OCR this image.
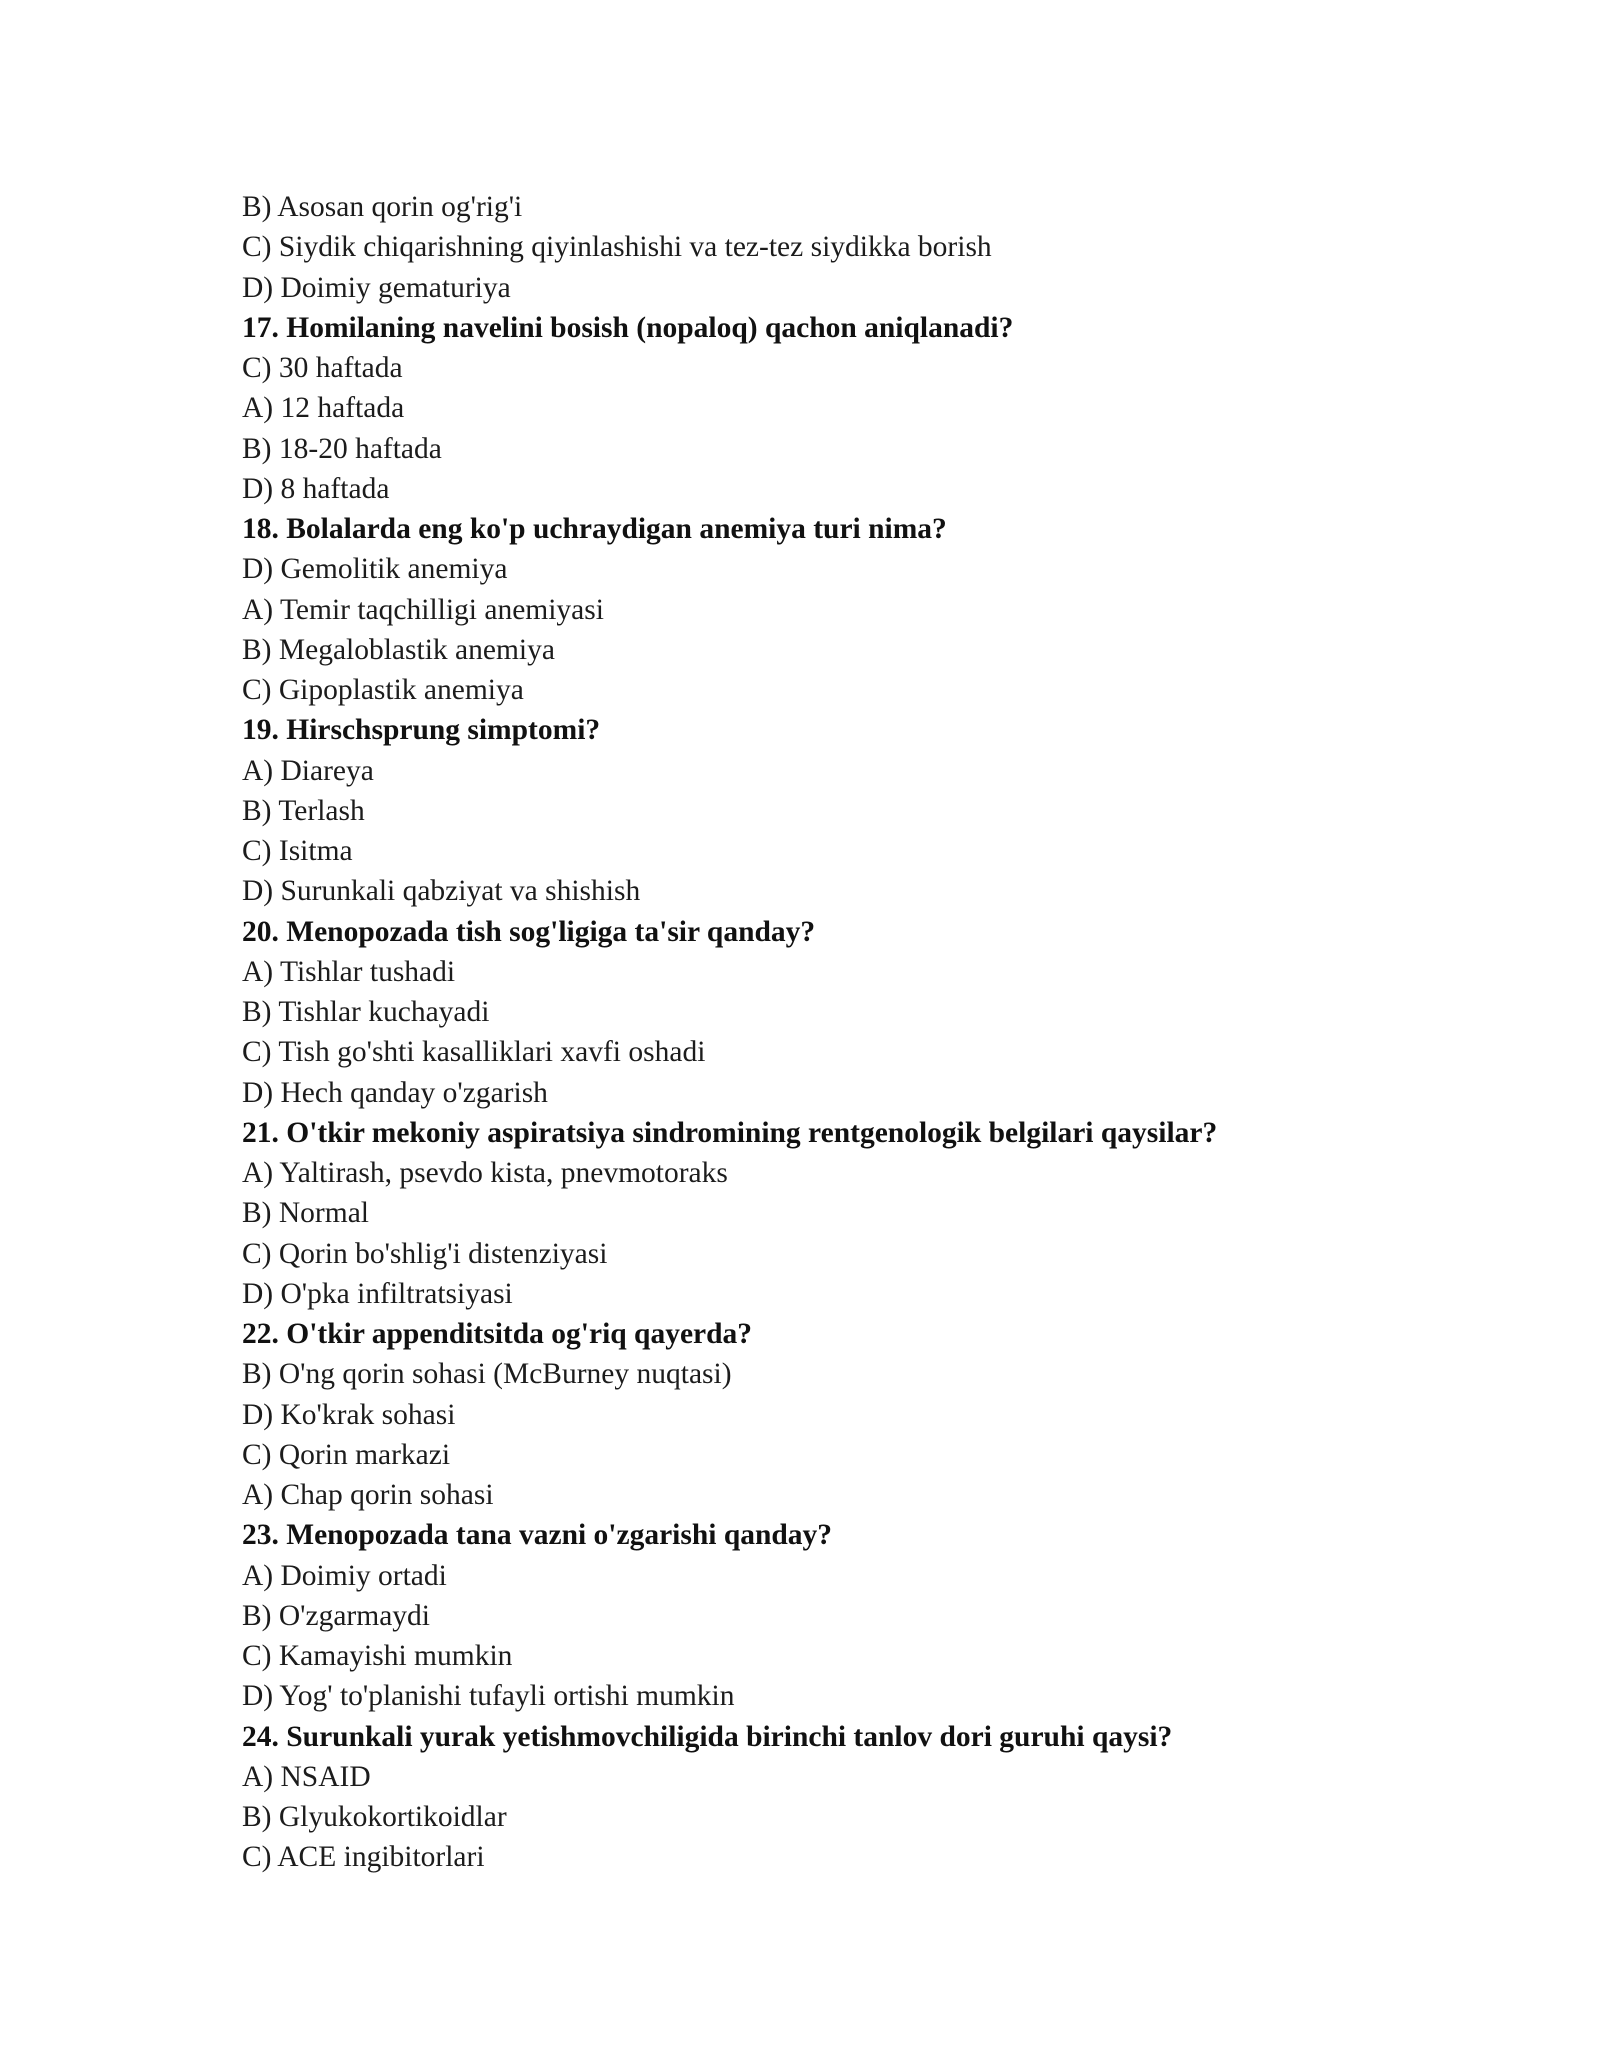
B) Asosan qorin og'rig'i
C) Siydik chiqarishning qiyinlashishi va tez-tez siydikka borish
D) Doimiy gematuriya
17. Homilaning navelini bosish (nopaloq) qachon aniqlanadi?
C) 30 haftada
A) 12 haftada
B) 18-20 haftada
D) 8 haftada
18. Bolalarda eng ko'p uchraydigan anemiya turi nima?
D) Gemolitik anemiya
A) Temir taqchilligi anemiyasi
B) Megaloblastik anemiya
C) Gipoplastik anemiya
19. Hirschsprung simptomi?
A) Diareya
B) Terlash
C) Isitma
D) Surunkali qabziyat va shishish
20. Menopozada tish sog'ligiga ta'sir qanday?
A) Tishlar tushadi
B) Tishlar kuchayadi
C) Tish go'shti kasalliklari xavfi oshadi
D) Hech qanday o'zgarish
21. O'tkir mekoniy aspiratsiya sindromining rentgenologik belgilari qaysilar?
A) Yaltirash, psevdo kista, pnevmotoraks
B) Normal
C) Qorin bo'shlig'i distenziyasi
D) O'pka infiltratsiyasi
22. O'tkir appenditsitda og'riq qayerda?
B) O'ng qorin sohasi (McBurney nuqtasi)
D) Ko'krak sohasi
C) Qorin markazi
A) Chap qorin sohasi
23. Menopozada tana vazni o'zgarishi qanday?
A) Doimiy ortadi
B) O'zgarmaydi
C) Kamayishi mumkin
D) Yog' to'planishi tufayli ortishi mumkin
24. Surunkali yurak yetishmovchiligida birinchi tanlov dori guruhi qaysi?
A) NSAID
B) Glyukokortikoidlar
C) ACE ingibitorlari
